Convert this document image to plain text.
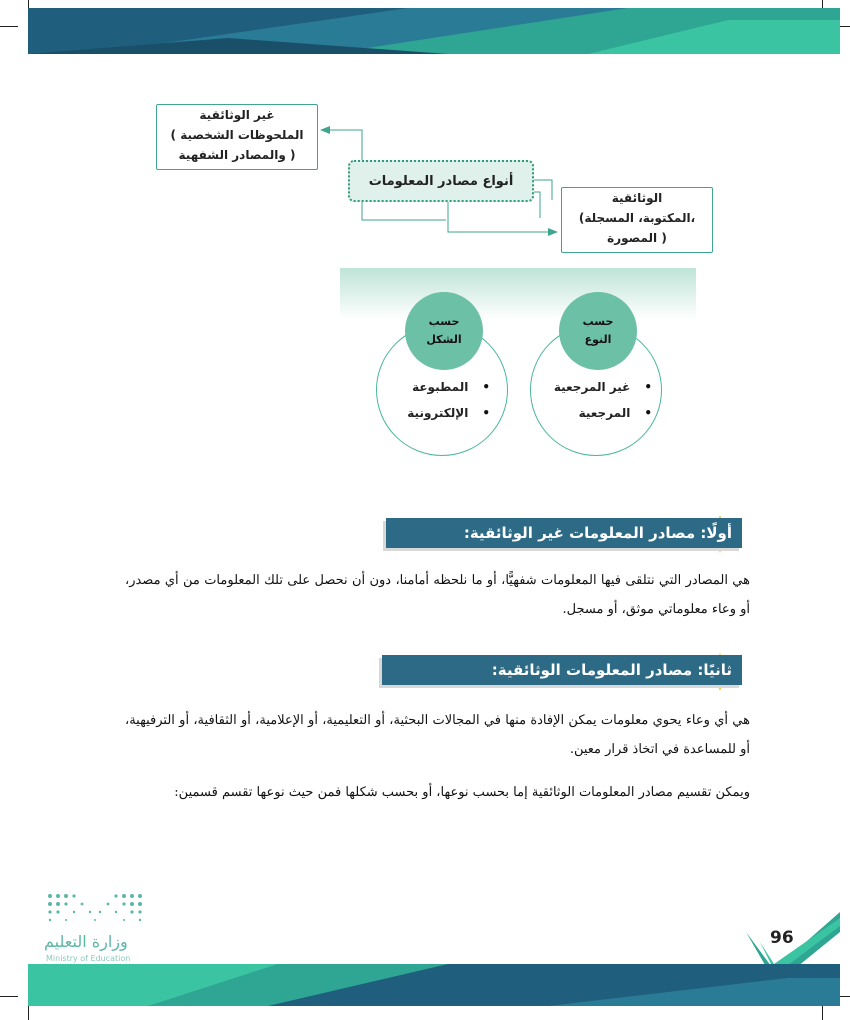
غير الوثائقية
( الملحوظات الشخصية
والمصادر الشفهية )
أنواع مصادر المعلومات
الوثائقية
(المكتوبة، المسجلة،
المصورة )
حسب
النوع
حسب
الشكل
• غير المرجعية
• المرجعية
• المطبوعة
• الإلكترونية
أولًا: مصادر المعلومات غير الوثائقية:
هي المصادر التي نتلقى فيها المعلومات شفهيًّا، أو ما نلحظه أمامنا، دون أن نحصل على تلك المعلومات من أي مصدر، أو وعاء معلوماتي موثق، أو مسجل.
ثانيًا: مصادر المعلومات الوثائقية:
هي أي وعاء يحوي معلومات يمكن الإفادة منها في المجالات البحثية، أو التعليمية، أو الإعلامية، أو الثقافية، أو الترفيهية، أو للمساعدة في اتخاذ قرار معين.
ويمكن تقسيم مصادر المعلومات الوثائقية إما بحسب نوعها، أو بحسب شكلها فمن حيث نوعها تقسم قسمين:
وزارة التعليم
Ministry of Education
96
